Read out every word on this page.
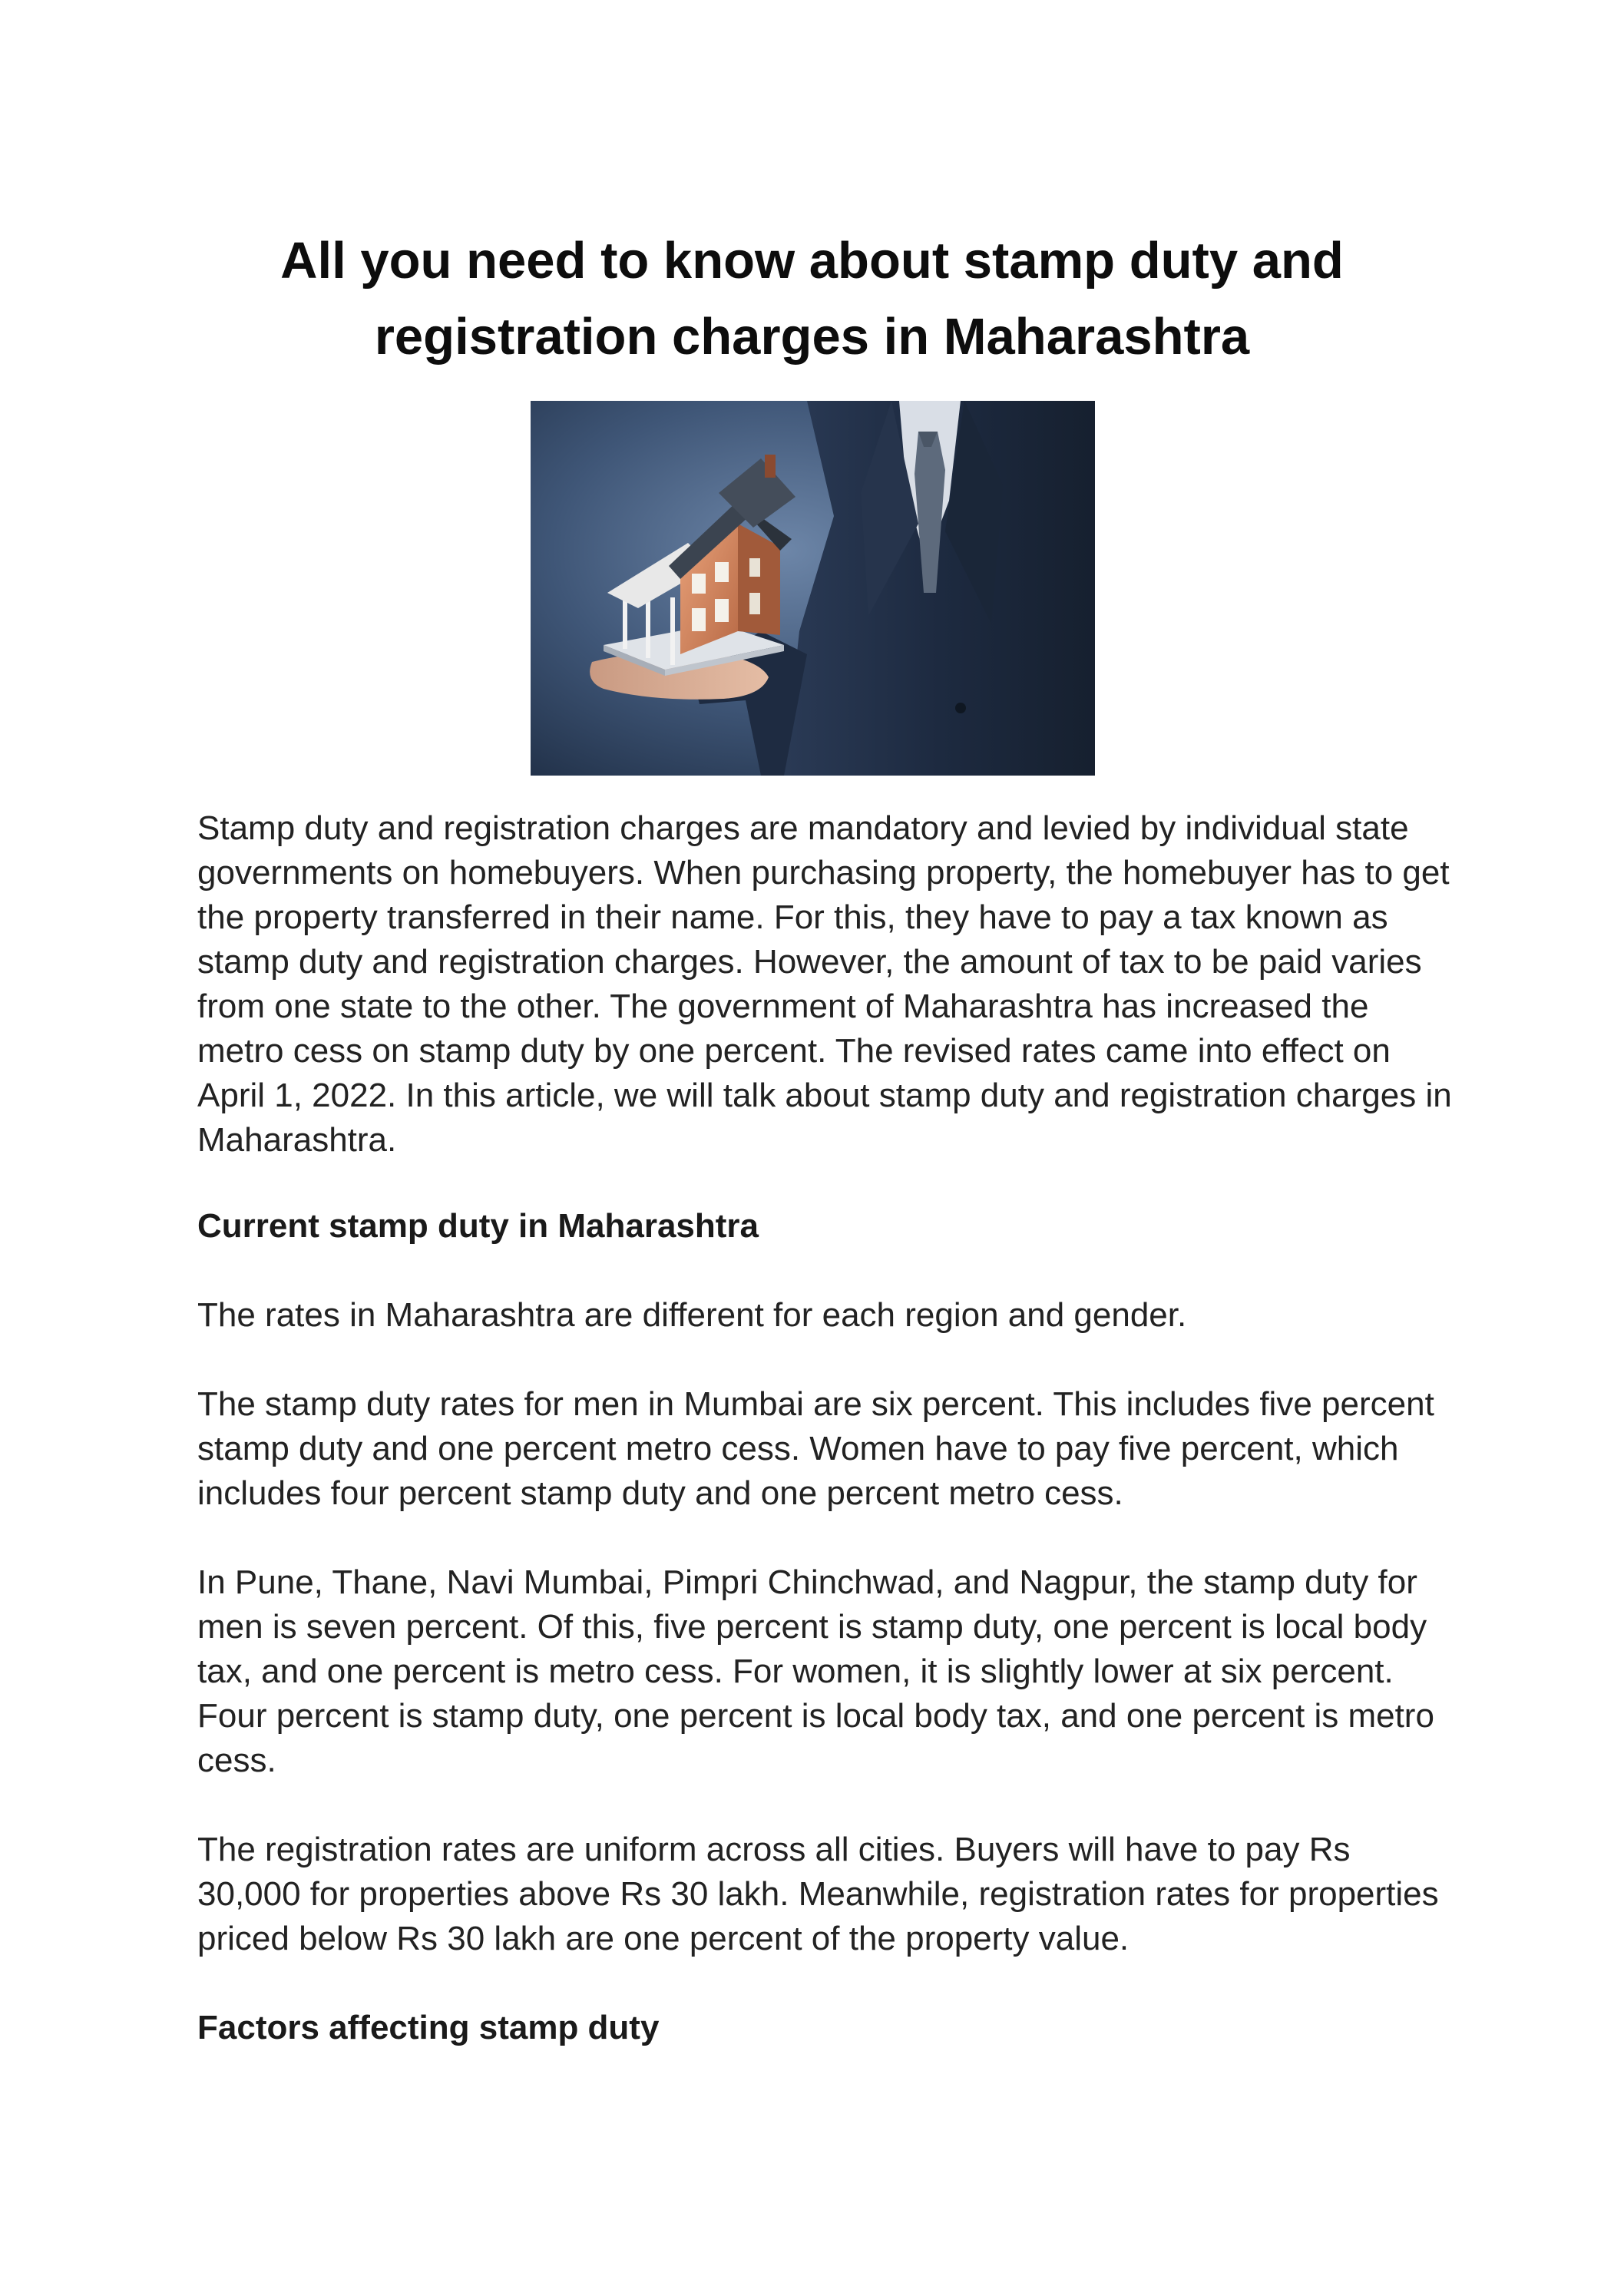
All you need to know about stamp duty and registration charges in Maharashtra

Stamp duty and registration charges are mandatory and levied by individual state governments on homebuyers. When purchasing property, the homebuyer has to get the property transferred in their name. For this, they have to pay a tax known as stamp duty and registration charges. However, the amount of tax to be paid varies from one state to the other. The government of Maharashtra has increased the metro cess on stamp duty by one percent. The revised rates came into effect on April 1, 2022. In this article, we will talk about stamp duty and registration charges in Maharashtra.

Current stamp duty in Maharashtra

The rates in Maharashtra are different for each region and gender.

The stamp duty rates for men in Mumbai are six percent. This includes five percent stamp duty and one percent metro cess. Women have to pay five percent, which includes four percent stamp duty and one percent metro cess.

In Pune, Thane, Navi Mumbai, Pimpri Chinchwad, and Nagpur, the stamp duty for men is seven percent. Of this, five percent is stamp duty, one percent is local body tax, and one percent is metro cess. For women, it is slightly lower at six percent. Four percent is stamp duty, one percent is local body tax, and one percent is metro cess.

The registration rates are uniform across all cities. Buyers will have to pay Rs 30,000 for properties above Rs 30 lakh. Meanwhile, registration rates for properties priced below Rs 30 lakh are one percent of the property value.

Factors affecting stamp duty
